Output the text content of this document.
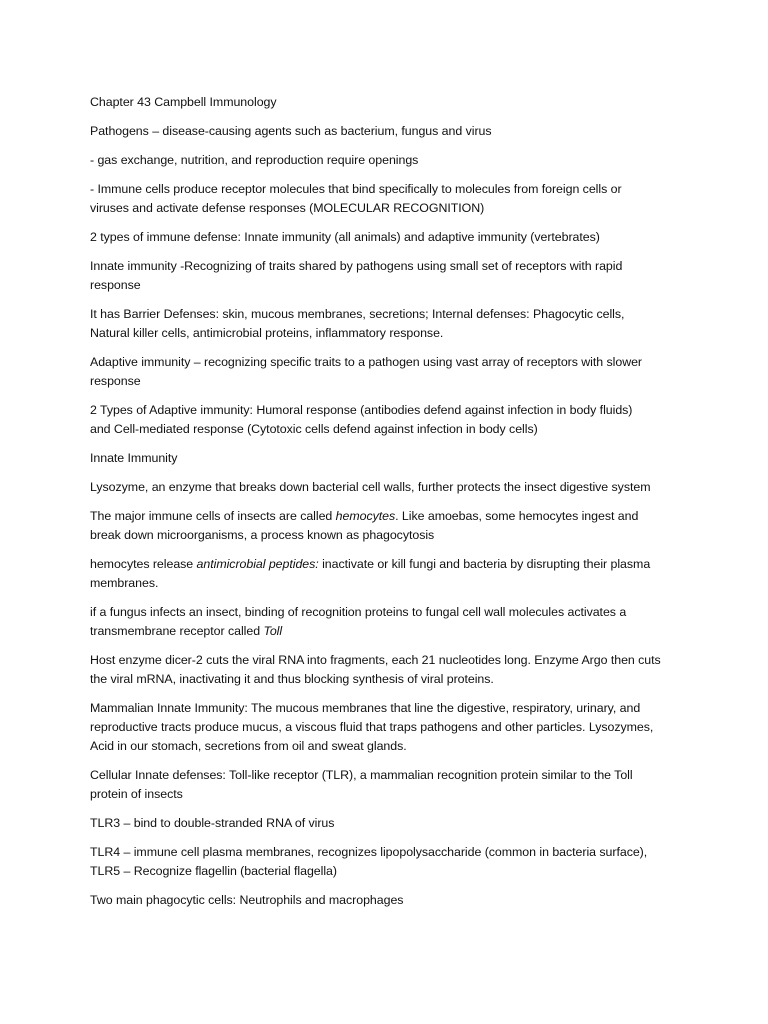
Chapter 43 Campbell Immunology

Pathogens – disease-causing agents such as bacterium, fungus and virus

- gas exchange, nutrition, and reproduction require openings

- Immune cells produce receptor molecules that bind specifically to molecules from foreign cells or
viruses and activate defense responses (MOLECULAR RECOGNITION)

2 types of immune defense: Innate immunity (all animals) and adaptive immunity (vertebrates)

Innate immunity -Recognizing of traits shared by pathogens using small set of receptors with rapid
response

It has Barrier Defenses: skin, mucous membranes, secretions; Internal defenses: Phagocytic cells,
Natural killer cells, antimicrobial proteins, inflammatory response.

Adaptive immunity – recognizing specific traits to a pathogen using vast array of receptors with slower
response

2 Types of Adaptive immunity: Humoral response (antibodies defend against infection in body fluids)
and Cell-mediated response (Cytotoxic cells defend against infection in body cells)

Innate Immunity

Lysozyme, an enzyme that breaks down bacterial cell walls, further protects the insect digestive system

The major immune cells of insects are called hemocytes. Like amoebas, some hemocytes ingest and
break down microorganisms, a process known as phagocytosis

hemocytes release antimicrobial peptides: inactivate or kill fungi and bacteria by disrupting their plasma
membranes.

if a fungus infects an insect, binding of recognition proteins to fungal cell wall molecules activates a
transmembrane receptor called Toll

Host enzyme dicer-2 cuts the viral RNA into fragments, each 21 nucleotides long. Enzyme Argo then cuts
the viral mRNA, inactivating it and thus blocking synthesis of viral proteins.

Mammalian Innate Immunity: The mucous membranes that line the digestive, respiratory, urinary, and
reproductive tracts produce mucus, a viscous fluid that traps pathogens and other particles. Lysozymes,
Acid in our stomach, secretions from oil and sweat glands.

Cellular Innate defenses: Toll-like receptor (TLR), a mammalian recognition protein similar to the Toll
protein of insects

TLR3 – bind to double-stranded RNA of virus

TLR4 – immune cell plasma membranes, recognizes lipopolysaccharide (common in bacteria surface),
TLR5 – Recognize flagellin (bacterial flagella)

Two main phagocytic cells: Neutrophils and macrophages
